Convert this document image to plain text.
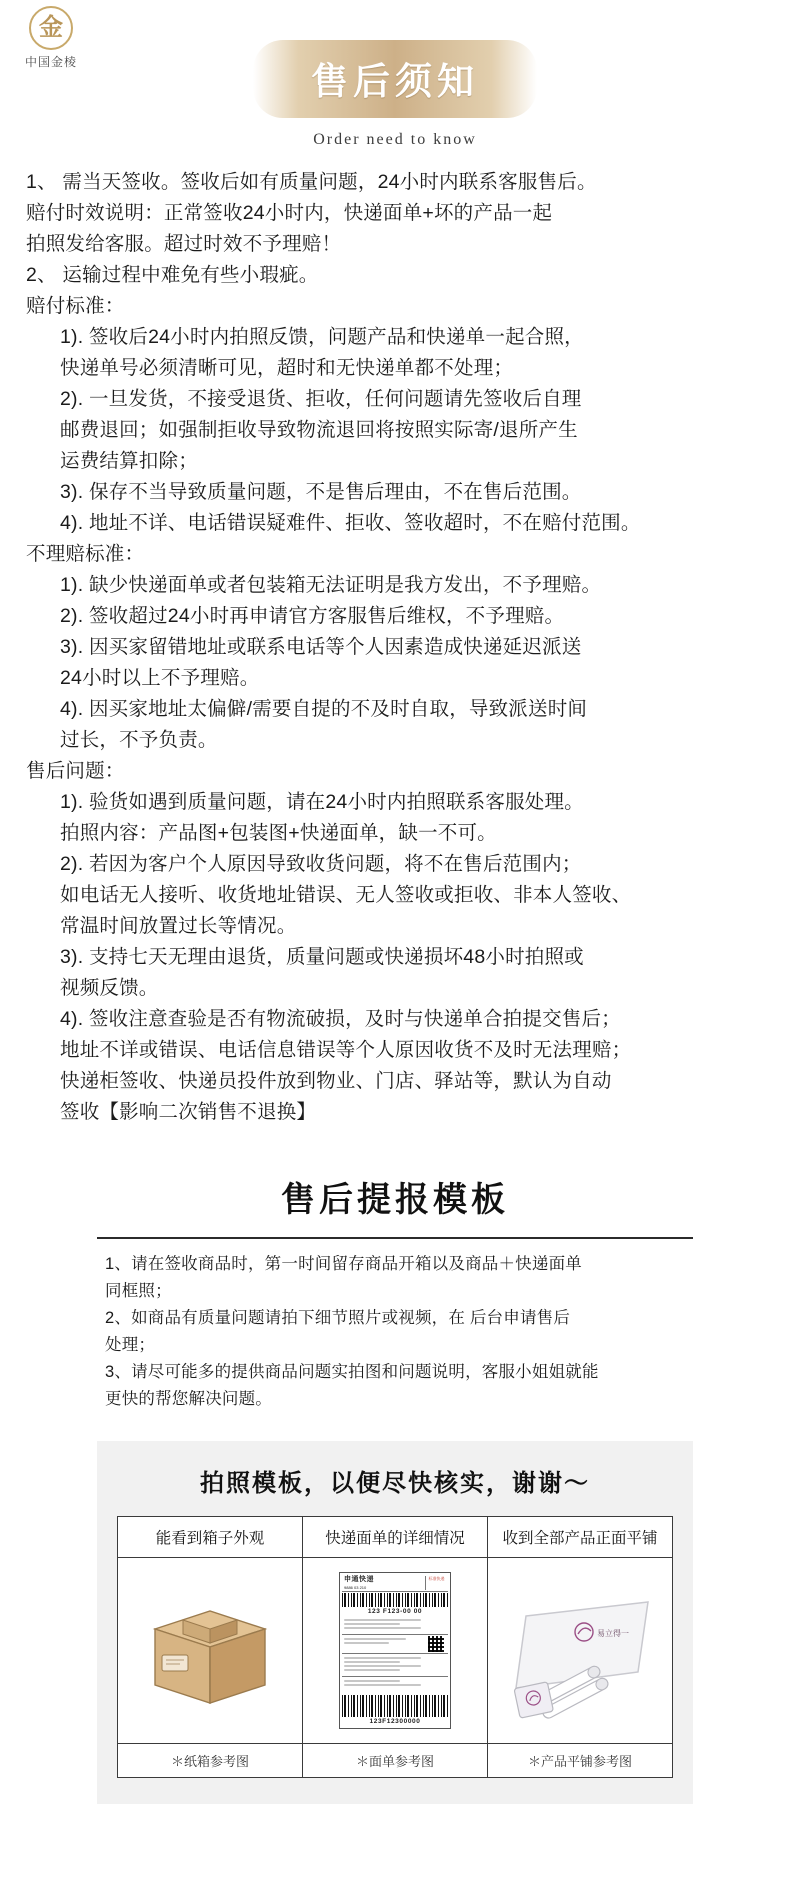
金
中国金棱	售后须知
Order need to know
1、 需当天签收。签收后如有质量问题，24小时内联系客服售后。
赔付时效说明：正常签收24小时内，快递面单+坏的产品一起
拍照发给客服。超过时效不予理赔！
2、 运输过程中难免有些小瑕疵。
赔付标准：
1). 签收后24小时内拍照反馈，问题产品和快递单一起合照，
快递单号必须清晰可见，超时和无快递单都不处理；
2). 一旦发货，不接受退货、拒收，任何问题请先签收后自理
邮费退回；如强制拒收导致物流退回将按照实际寄/退所产生
运费结算扣除；
3). 保存不当导致质量问题，不是售后理由，不在售后范围。
4). 地址不详、电话错误疑难件、拒收、签收超时，不在赔付范围。
不理赔标准：
1). 缺少快递面单或者包装箱无法证明是我方发出，不予理赔。
2). 签收超过24小时再申请官方客服售后维权，不予理赔。
3). 因买家留错地址或联系电话等个人因素造成快递延迟派送
24小时以上不予理赔。
4). 因买家地址太偏僻/需要自提的不及时自取，导致派送时间
过长，不予负责。
售后问题：
1). 验货如遇到质量问题，请在24小时内拍照联系客服处理。
拍照内容：产品图+包装图+快递面单，缺一不可。
2). 若因为客户个人原因导致收货问题，将不在售后范围内；
如电话无人接听、收货地址错误、无人签收或拒收、非本人签收、
常温时间放置过长等情况。
3). 支持七天无理由退货，质量问题或快递损坏48小时拍照或
视频反馈。
4). 签收注意查验是否有物流破损，及时与快递单合拍提交售后；
地址不详或错误、电话信息错误等个人原因收货不及时无法理赔；
快递柜签收、快递员投件放到物业、门店、驿站等，默认为自动
签收【影响二次销售不退换】
售后提报模板
1、请在签收商品时，第一时间留存商品开箱以及商品＋快递面单
同框照；
2、如商品有质量问题请拍下细节照片或视频，在 后台申请售后
处理；
3、请尽可能多的提供商品问题实拍图和问题说明，客服小姐姐就能
更快的帮您解决问题。
拍照模板，以便尽快核实，谢谢～
能看到箱子外观	快递面单的详细情况	收到全部产品正面平铺

申通快递
9886 03 210
标准快递
123 F123-00 00
123F12300000	易立得一

＊纸箱参考图	＊面单参考图	＊产品平铺参考图
